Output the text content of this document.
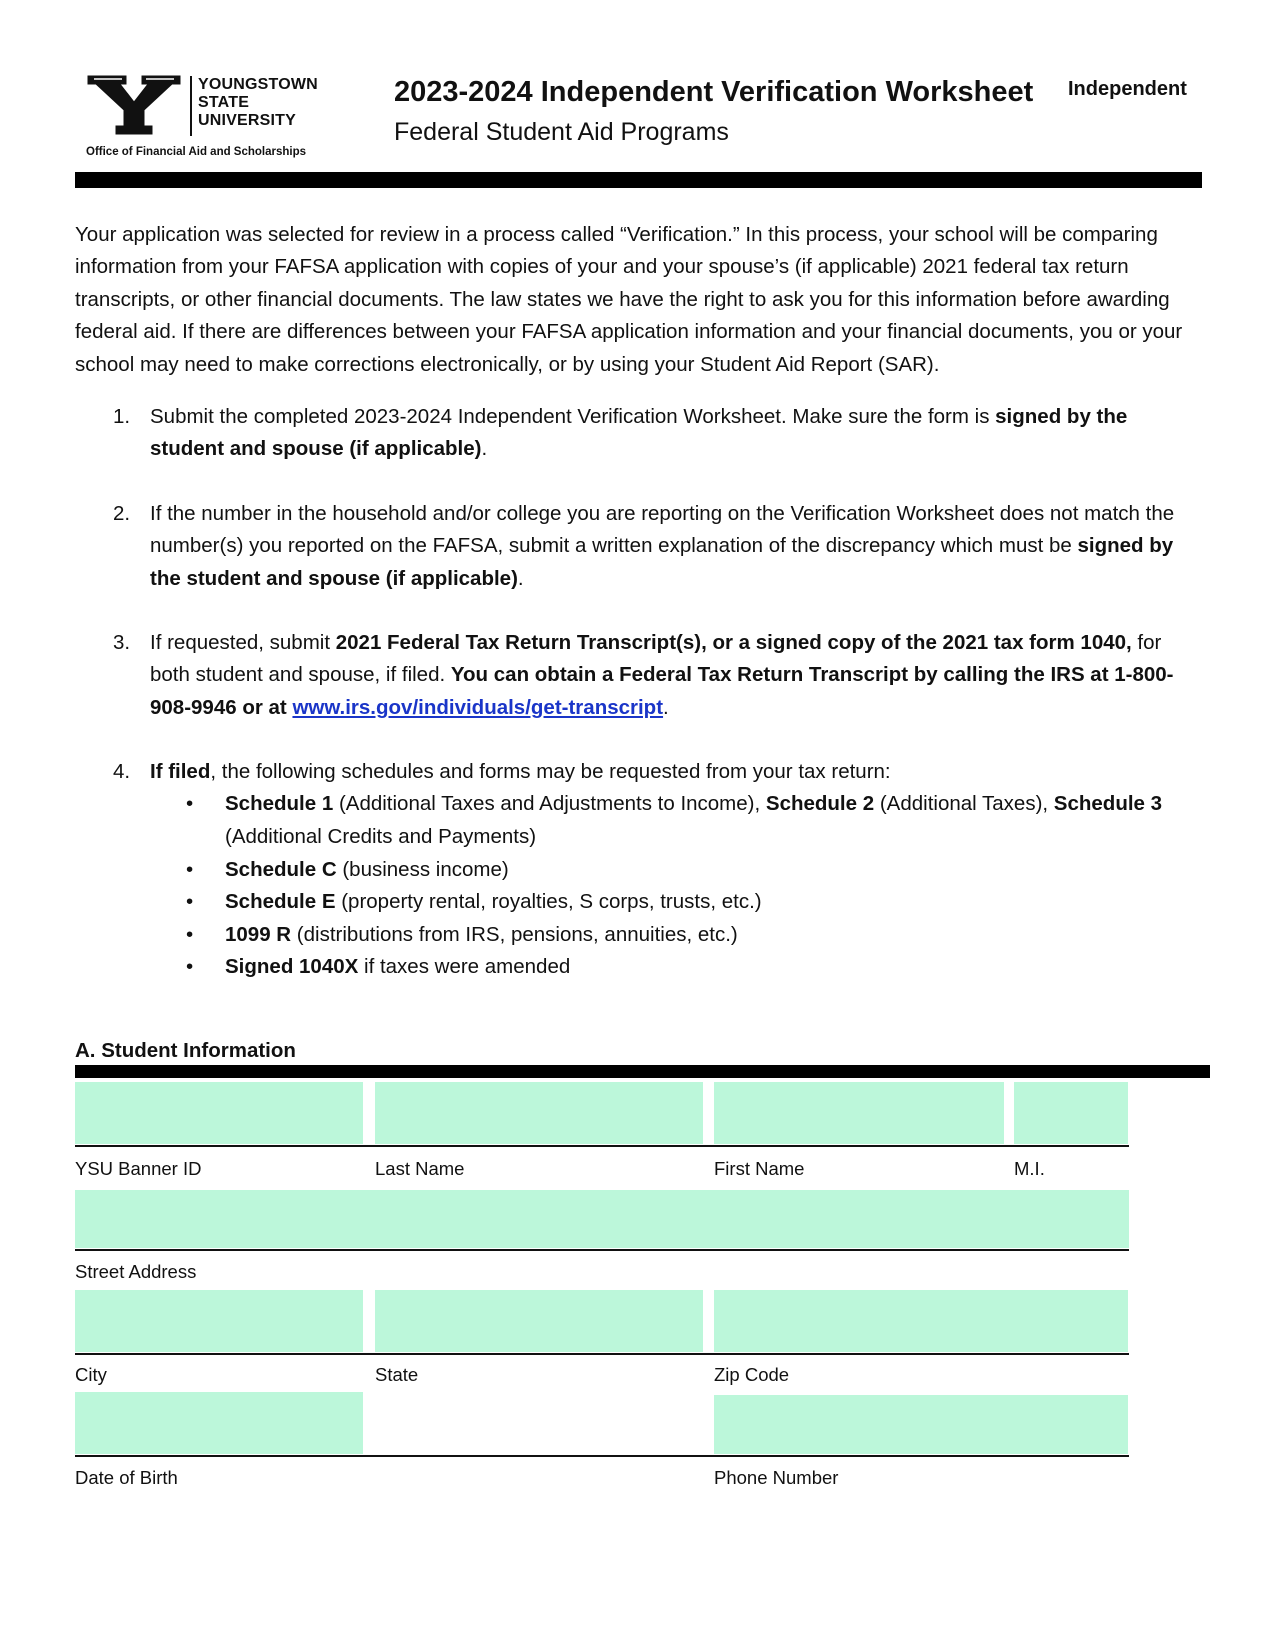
YOUNGSTOWN
STATE
UNIVERSITY
Office of Financial Aid and Scholarships
2023-2024 Independent Verification Worksheet
Federal Student Aid Programs
Independent
Your application was selected for review in a process called “Verification.” In this process, your school will be comparing information from your FAFSA application with copies of your and your spouse’s (if applicable) 2021 federal tax return transcripts, or other financial documents. The law states we have the right to ask you for this information before awarding federal aid. If there are differences between your FAFSA application information and your financial documents, you or your school may need to make corrections electronically, or by using your Student Aid Report (SAR).
1. Submit the completed 2023-2024 Independent Verification Worksheet. Make sure the form is signed by the student and spouse (if applicable).
2. If the number in the household and/or college you are reporting on the Verification Worksheet does not match the number(s) you reported on the FAFSA, submit a written explanation of the discrepancy which must be signed by the student and spouse (if applicable).
3. If requested, submit 2021 Federal Tax Return Transcript(s), or a signed copy of the 2021 tax form 1040, for both student and spouse, if filed. You can obtain a Federal Tax Return Transcript by calling the IRS at 1-800-908-9946 or at www.irs.gov/individuals/get-transcript.
4. If filed, the following schedules and forms may be requested from your tax return:
• Schedule 1 (Additional Taxes and Adjustments to Income), Schedule 2 (Additional Taxes), Schedule 3 (Additional Credits and Payments)
• Schedule C (business income)
• Schedule E (property rental, royalties, S corps, trusts, etc.)
• 1099 R (distributions from IRS, pensions, annuities, etc.)
• Signed 1040X if taxes were amended
A. Student Information
YSU Banner ID	Last Name	First Name	M.I.
Street Address
City	State	Zip Code
Date of Birth	Phone Number
